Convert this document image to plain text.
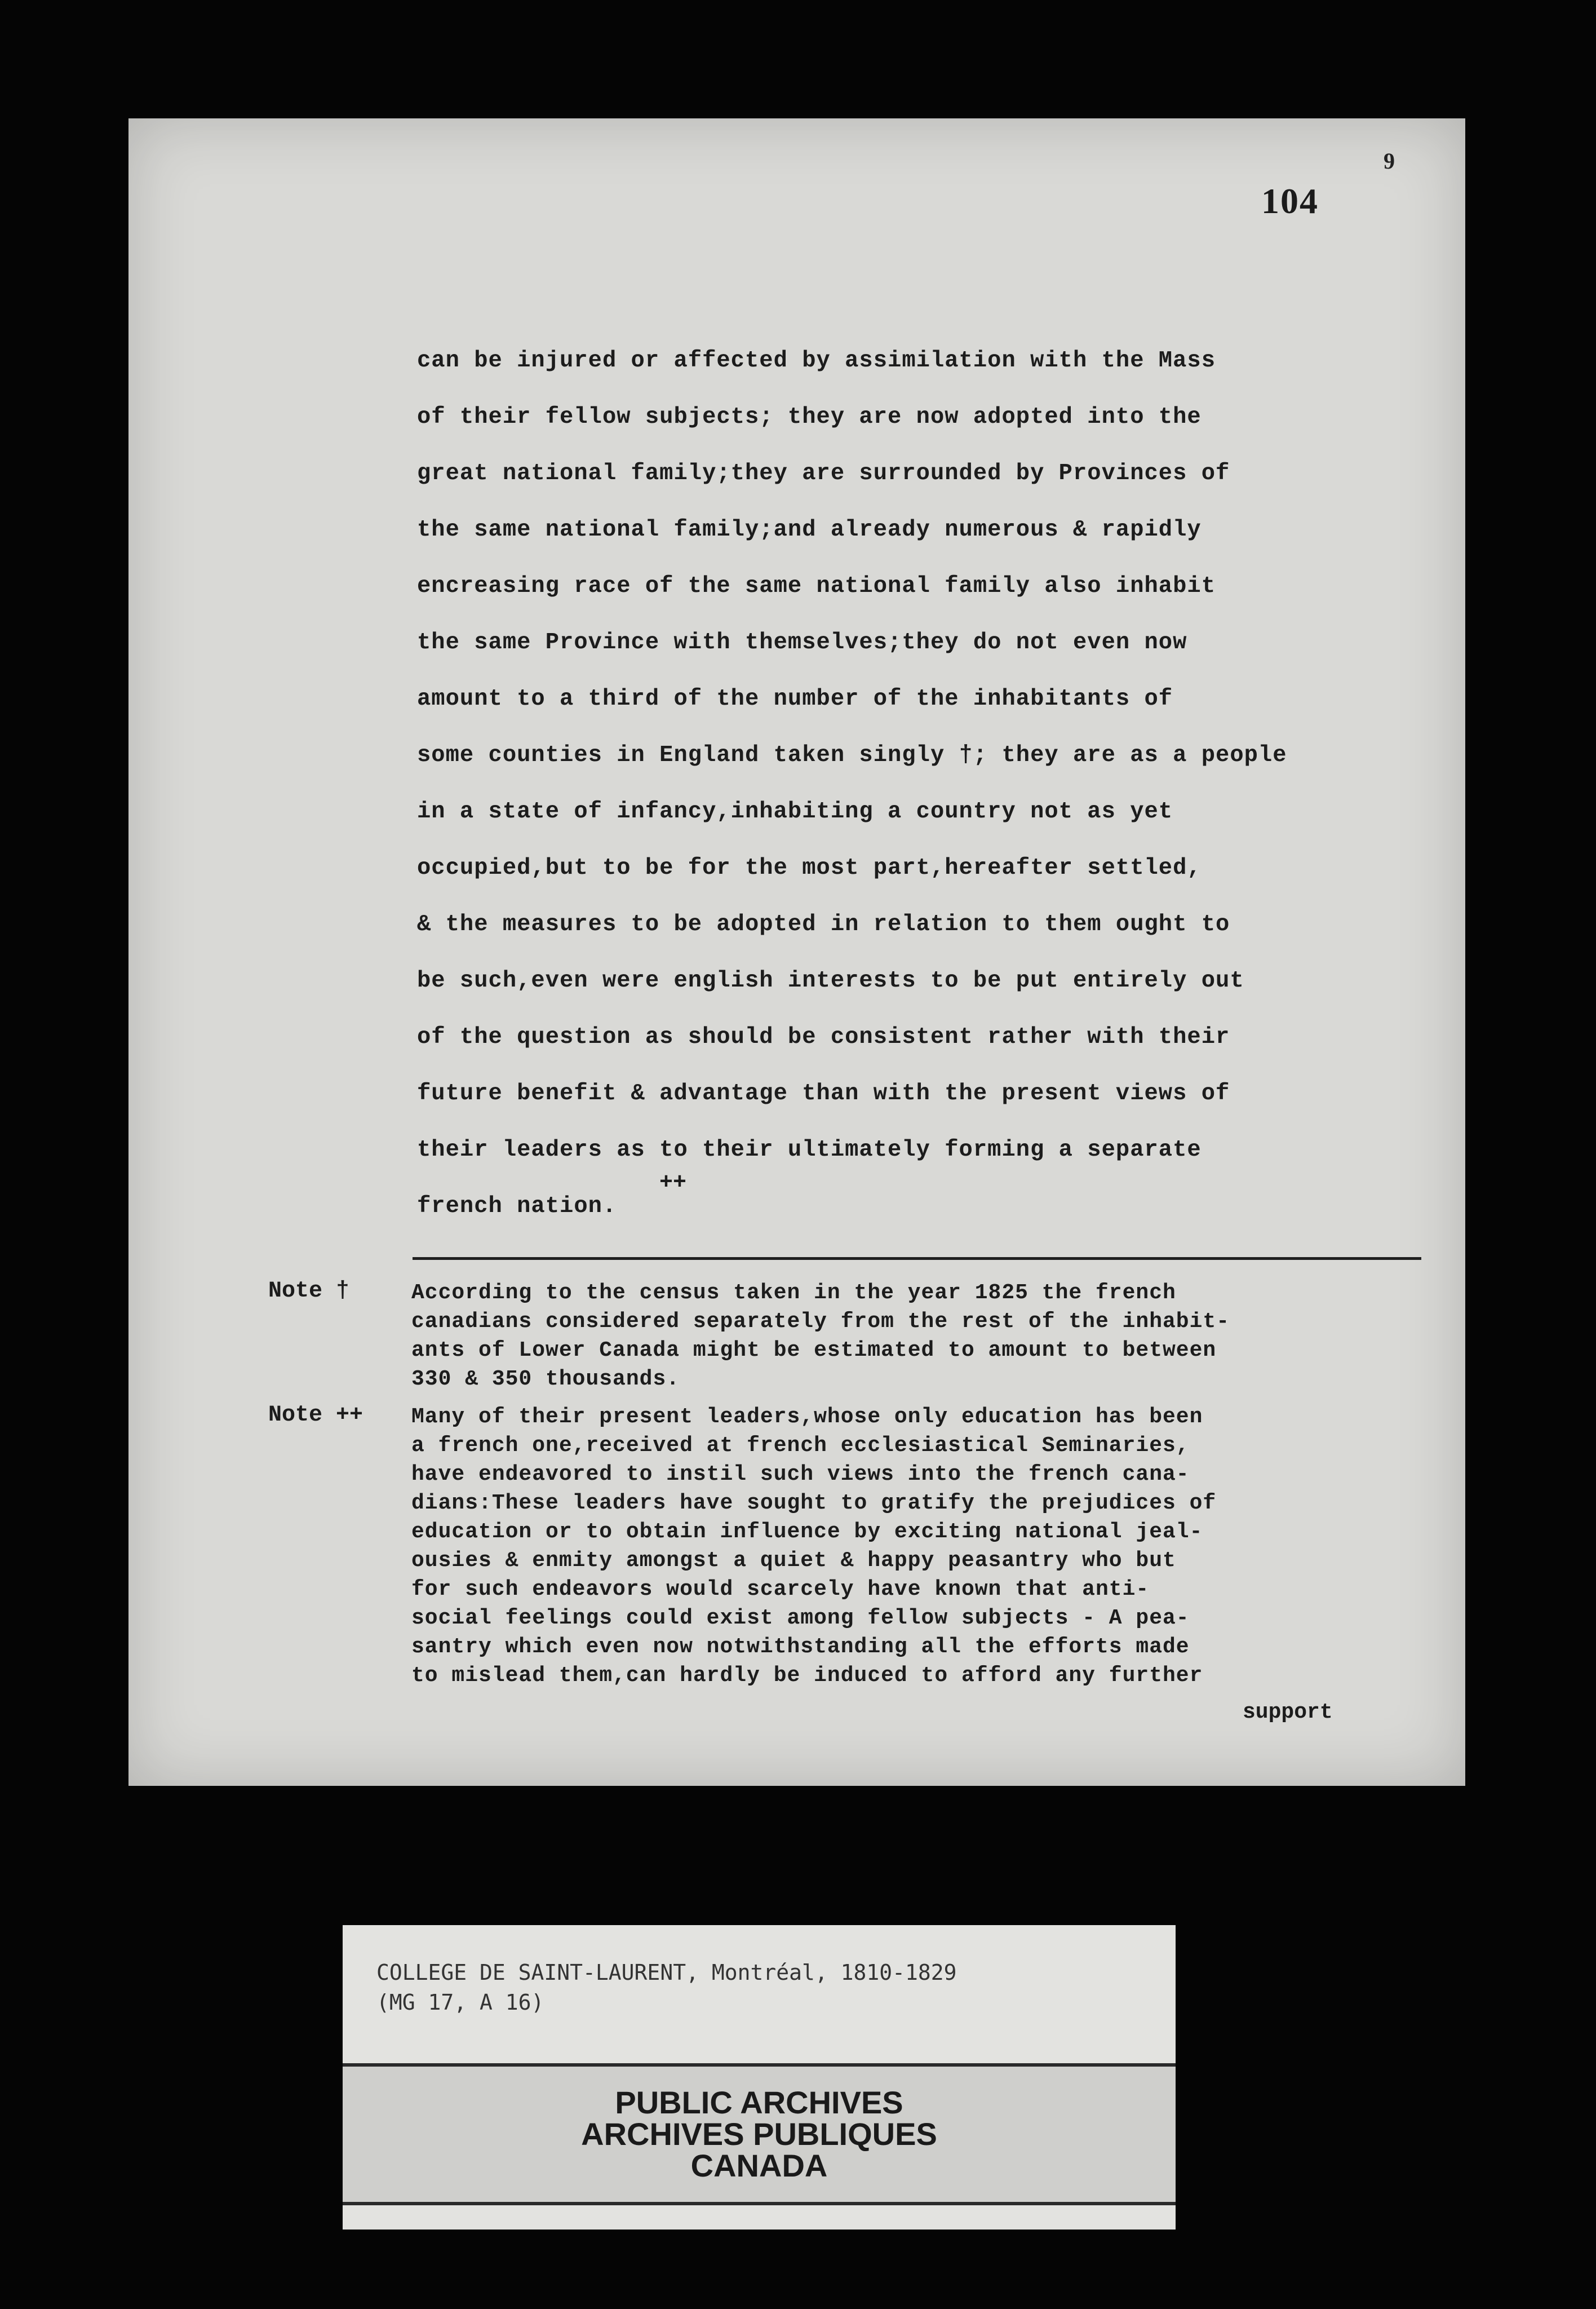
9
104
can be injured or affected by assimilation with the Mass
of their fellow subjects; they are now adopted into the
great national family;they are surrounded by Provinces of
the same national family;and already numerous & rapidly
encreasing race of the same national family also inhabit
the same Province with themselves;they do not even now
amount to a third of the number of the inhabitants of
some counties in England taken singly †; they are as a people
in a state of infancy,inhabiting a country not as yet
occupied,but to be for the most part,hereafter settled,
& the measures to be adopted in relation to them ought to
be such,even were english interests to be put entirely out
of the question as should be consistent rather with their
future benefit & advantage than with the present views of
their leaders as to their ultimately forming a separate
french nation.
++
Note †	According to the census taken in the year 1825 the french
canadians considered separately from the rest of the inhabit-
ants of Lower Canada might be estimated to amount to between
330 & 350 thousands.
Note ++	Many of their present leaders,whose only education has been
a french one,received at french ecclesiastical Seminaries,
have endeavored to instil such views into the french cana-
dians:These leaders have sought to gratify the prejudices of
education or to obtain influence by exciting national jeal-
ousies & enmity amongst a quiet & happy peasantry who but
for such endeavors would scarcely have known that anti-
social feelings could exist among fellow subjects - A pea-
santry which even now notwithstanding all the efforts made
to mislead them,can hardly be induced to afford any further
support
COLLEGE DE SAINT-LAURENT, Montréal, 1810-1829
(MG 17, A 16)
PUBLIC ARCHIVES
ARCHIVES PUBLIQUES
CANADA
